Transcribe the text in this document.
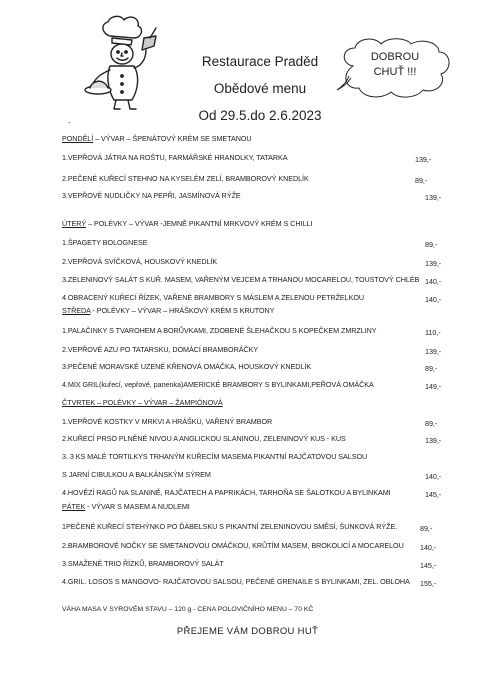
Restaurace Praděd
Obědové menu
Od 29.5.do 2.6.2023
DOBROU
CHUŤ !!!
.
PONDĚLÍ – VÝVAR – ŠPENÁTOVÝ KRÉM SE SMETANOU
1.VEPŘOVÁ JÁTRA NA ROŠTU, FARMÁŘSKÉ HRANOLKY, TATARKA	139,-
2.PEČENÉ KUŘECÍ STEHNO NA KYSELÉM ZELÍ, BRAMBOROVÝ KNEDLÍK	89,-
3.VEPŘOVÉ NUDLIČKY NA PEPŘI, JASMÍNOVÁ RÝŽE	139,-
ÚTERÝ – POLÉVKY – VÝVAR -JEMNĚ PIKANTNÍ MRKVOVÝ KRÉM S CHILLI
1.ŠPAGETY BOLOGNESE	89,-
2.VEPŘOVÁ SVÍČKOVÁ, HOUSKOVÝ KNEDLÍK	139,-
3.ZELENINOVÝ SALÁT S KUŘ. MASEM, VAŘENÝM VEJCEM A TRHANOU MOCARELOU, TOUSTOVÝ CHLÉB 140,-
4.OBRACENÝ KUŘECÍ ŘÍZEK, VAŘENÉ BRAMBORY S MÁSLEM A ZELENOU PETRŽELKOU	140,-
STŘEDA - POLÉVKY – VÝVAR – HRÁŠKOVÝ KRÉM S KRUTONY
1.PALAČINKY S TVAROHEM A BORŮVKAMI, ZDOBENÉ ŠLEHAČKOU S KOPEČKEM ZMRZLINY	110,-
2.VEPŘOVÉ AZU PO TATARSKU, DOMÁCÍ BRAMBORÁČKY	139,-
3.PEČENÉ MORAVSKÉ UZENÉ KŘENOVÁ OMÁČKA, HOUSKOVÝ KNEDLÍK	89,-
4.MIX GRIL(kuřecí, vepřové, panenka)AMERICKÉ BRAMBORY S BYLINKAMI,PEŘOVÁ OMÁČKA	149,-
ČTVRTEK – POLÉVKY – VÝVAR – ŽAMPIÓNOVÁ
1.VEPŘOVÉ KOSTKY V MRKVI A HRÁŠKU, VAŘENÝ BRAMBOR	89,-
2.KUŘECÍ PRSO PLNĚNÉ NIVOU A ANGLICKOU SLANINOU, ZELENINOVÝ KUS - KUS	139,-
3. 3 KS MALÉ TORTILKYS TRHANÝM KUŘECÍM MASEMA PIKANTNÍ RAJČATOVOU SALSOU
S JARNÍ CIBULKOU A BALKÁNSKÝM SÝREM	140,-
4.HOVĚZÍ RAGŮ NA SLANINĚ, RAJČATECH A PAPRIKÁCH, TARHOŇA SE ŠALOTKOU A BYLINKAMI	145,-
PÁTEK - VÝVAR S MASEM A NUDLEMI
1PEČENÉ KUŘECÍ STEHÝNKO PO ĎÁBELSKU S PIKANTNÍ ZELENINOVOU SMĚSÍ, ŠUNKOVÁ RÝŽE.	89,-
2.BRAMBOROVÉ NOČKY SE SMETANOVOU OMÁČKOU, KRŮTÍM MASEM, BROKOLICÍ A MOCARELOU 140,-
3.SMAŽENÉ TRIO ŘÍZKŮ, BRAMBOROVÝ SALÁT	145,-
4.GRIL. LOSOS S MANGOVO- RAJČATOVOU SALSOU, PEČENÉ GRENAILE S BYLINKAMI, ZEL. OBLOHA 155,-
VÁHA MASA V SYROVÉM STAVU – 120 g - CENA POLOVIČNÍHO MENU – 70 KČ
PŘEJEME VÁM DOBROU HUŤ
